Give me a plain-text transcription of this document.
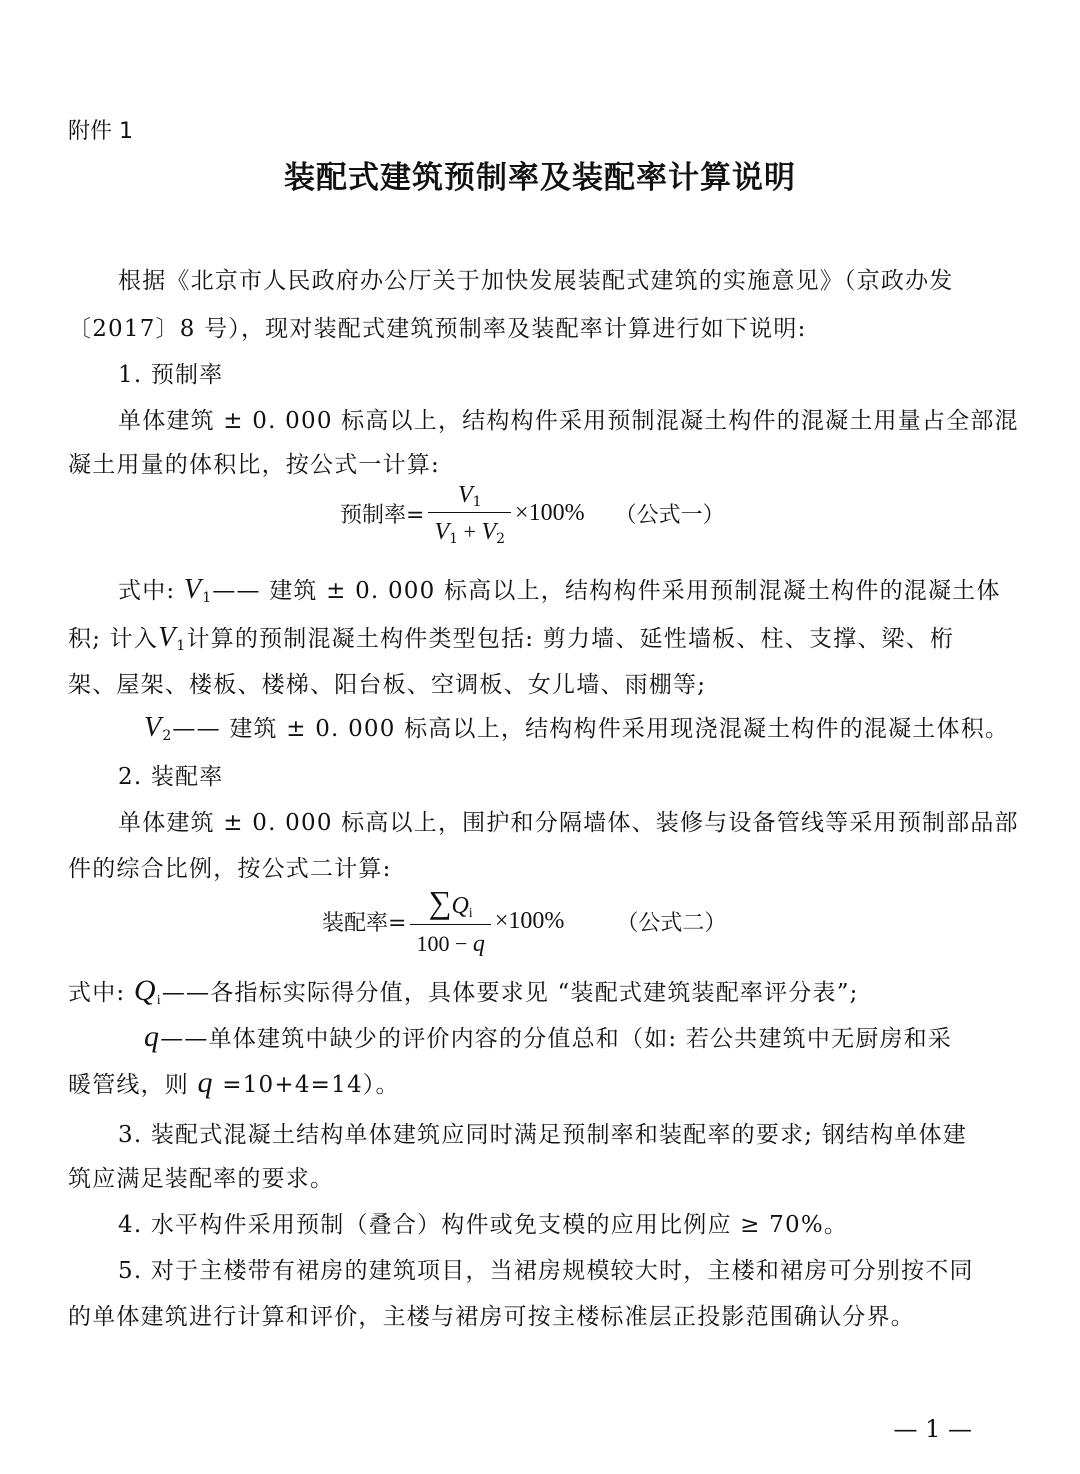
附件 1
装配式建筑预制率及装配率计算说明
根据《北京市人民政府办公厅关于加快发展装配式建筑的实施意见》（京政办发
〔2017〕8 号），现对装配式建筑预制率及装配率计算进行如下说明:
1. 预制率
单体建筑 ± 0. 000 标高以上，结构构件采用预制混凝土构件的混凝土用量占全部混
凝土用量的体积比，按公式一计算:
预制率= $\frac{V_1}{V_1 + V_2} \times 100\%$ （公式一）
式中: $V_1——$ 建筑 ± 0. 000 标高以上，结构构件采用预制混凝土构件的混凝土体
积; 计入$V_1$计算的预制混凝土构件类型包括: 剪力墙、延性墙板、柱、支撑、梁、桁
架、屋架、楼板、楼梯、阳台板、空调板、女儿墙、雨棚等;
$V_2——$ 建筑 ± 0. 000 标高以上，结构构件采用现浇混凝土构件的混凝土体积。
2. 装配率
单体建筑 ± 0. 000 标高以上，围护和分隔墙体、装修与设备管线等采用预制部品部
件的综合比例，按公式二计算:
装配率= $\frac{\sum Q_i}{100 - q} \times 100\%$ （公式二）
式中: $Q_i——$各指标实际得分值，具体要求见 “装配式建筑装配率评分表”;
q——单体建筑中缺少的评价内容的分值总和（如: 若公共建筑中无厨房和采
暖管线，则 q =10+4=14）。
3. 装配式混凝土结构单体建筑应同时满足预制率和装配率的要求; 钢结构单体建
筑应满足装配率的要求。
4. 水平构件采用预制（叠合）构件或免支模的应用比例应 ≥ 70%。
5. 对于主楼带有裙房的建筑项目，当裙房规模较大时，主楼和裙房可分别按不同
的单体建筑进行计算和评价，主楼与裙房可按主楼标准层正投影范围确认分界。
— 1 —
